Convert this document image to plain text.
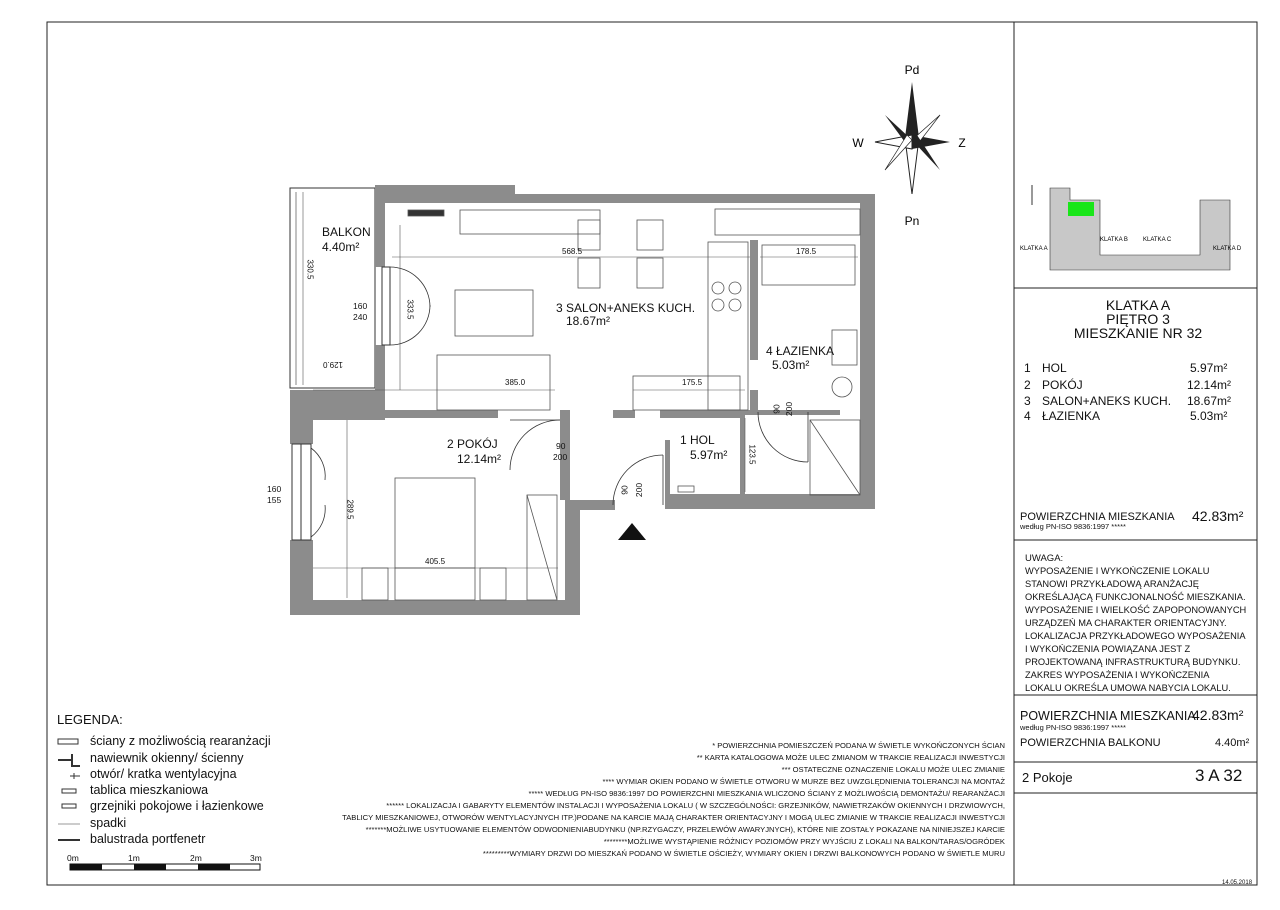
Pd
Pn
W	Z
KLATKA A
KLATKA B	KLATKA C
KLATKA D
BALKON
4.40m²
3 SALON+ANEKS KUCH.
18.67m²
4 ŁAZIENKA
5.03m²
2 POKÓJ
12.14m²
1 HOL
5.97m²
568.5
333.5
178.5
385.0	175.5
330.5
129.0
160
240
160
155
90
200
289.5
405.5
90 200
123.5
90 200
KLATKA A
PIĘTRO 3
MIESZKANIE NR 32
1 HOL	5.97m²
2 POKÓJ	12.14m²
3 SALON+ANEKS KUCH. 18.67m²
4 ŁAZIENKA	5.03m²
POWIERZCHNIA MIESZKANIA
według PN-ISO 9836:1997 *****
42.83m²
UWAGA:
WYPOSAŻENIE I WYKOŃCZENIE LOKALU STANOWI PRZYKŁADOWĄ ARANŻACJĘ OKREŚLAJĄCĄ FUNKCJONALNOŚĆ MIESZKANIA. WYPOSAŻENIE I WIELKOŚĆ ZAPOPONOWANYCH URZĄDZEŃ MA CHARAKTER ORIENTACYJNY. LOKALIZACJA PRZYKŁADOWEGO WYPOSAŻENIA I WYKOŃCZENIA POWIĄZANA JEST Z PROJEKTOWANĄ INFRASTRUKTURĄ BUDYNKU. ZAKRES WYPOSAŻENIA I WYKOŃCZENIA LOKALU OKREŚLA UMOWA NABYCIA LOKALU.
POWIERZCHNIA MIESZKANIA
według PN-ISO 9836:1997 *****
42.83m²
POWIERZCHNIA BALKONU	4.40m²
2 Pokoje	3 A 32
LEGENDA:
ściany z możliwością rearanżacji
nawiewnik okienny/ ścienny
otwór/ kratka wentylacyjna
tablica mieszkaniowa
grzejniki pokojowe i łazienkowe
spadki
balustrada portfenetr
0m	1m	2m	3m
* POWIERZCHNIA POMIESZCZEŃ PODANA W ŚWIETLE WYKOŃCZONYCH ŚCIAN
** KARTA KATALOGOWA MOŻE ULEC ZMIANOM W TRAKCIE REALIZACJI INWESTYCJI
*** OSTATECZNE OZNACZENIE LOKALU MOŻE ULEC ZMIANIE
**** WYMIAR OKIEN PODANO W ŚWIETLE OTWORU W MURZE BEZ UWZGLĘDNIENIA TOLERANCJI NA MONTAŻ
***** WEDŁUG PN-ISO 9836:1997 DO POWIERZCHNI MIESZKANIA WLICZONO ŚCIANY Z MOŻLIWOŚCIĄ DEMONTAŻU/ REARANŻACJI
****** LOKALIZACJA I GABARYTY ELEMENTÓW INSTALACJI I WYPOSAŻENIA LOKALU ( W SZCZEGÓLNOŚCI: GRZEJNIKÓW, NAWIETRZAKÓW OKIENNYCH I DRZWIOWYCH,
TABLICY MIESZKANIOWEJ, OTWORÓW WENTYLACYJNYCH ITP.)PODANE NA KARCIE MAJĄ CHARAKTER ORIENTACYJNY I MOGĄ ULEC ZMIANIE W TRAKCIE REALIZACJI INWESTYCJI
*******MOŻLIWE USYTUOWANIE ELEMENTÓW ODWODNIENIABUDYNKU (NP.RZYGACZY, PRZELEWÓW AWARYJNYCH), KTÓRE NIE ZOSTAŁY POKAZANE NA NINIEJSZEJ KARCIE
********MOŻLIWE WYSTĄPIENIE RÓŻNICY POZIOMÓW PRZY WYJŚCIU Z LOKALI NA BALKON/TARAS/OGRÓDEK
*********WYMIARY DRZWI DO MIESZKAŃ PODANO W ŚWIETLE OŚCIEŻY, WYMIARY OKIEN I DRZWI BALKONOWYCH PODANO W ŚWIETLE MURU
14.05.2018
